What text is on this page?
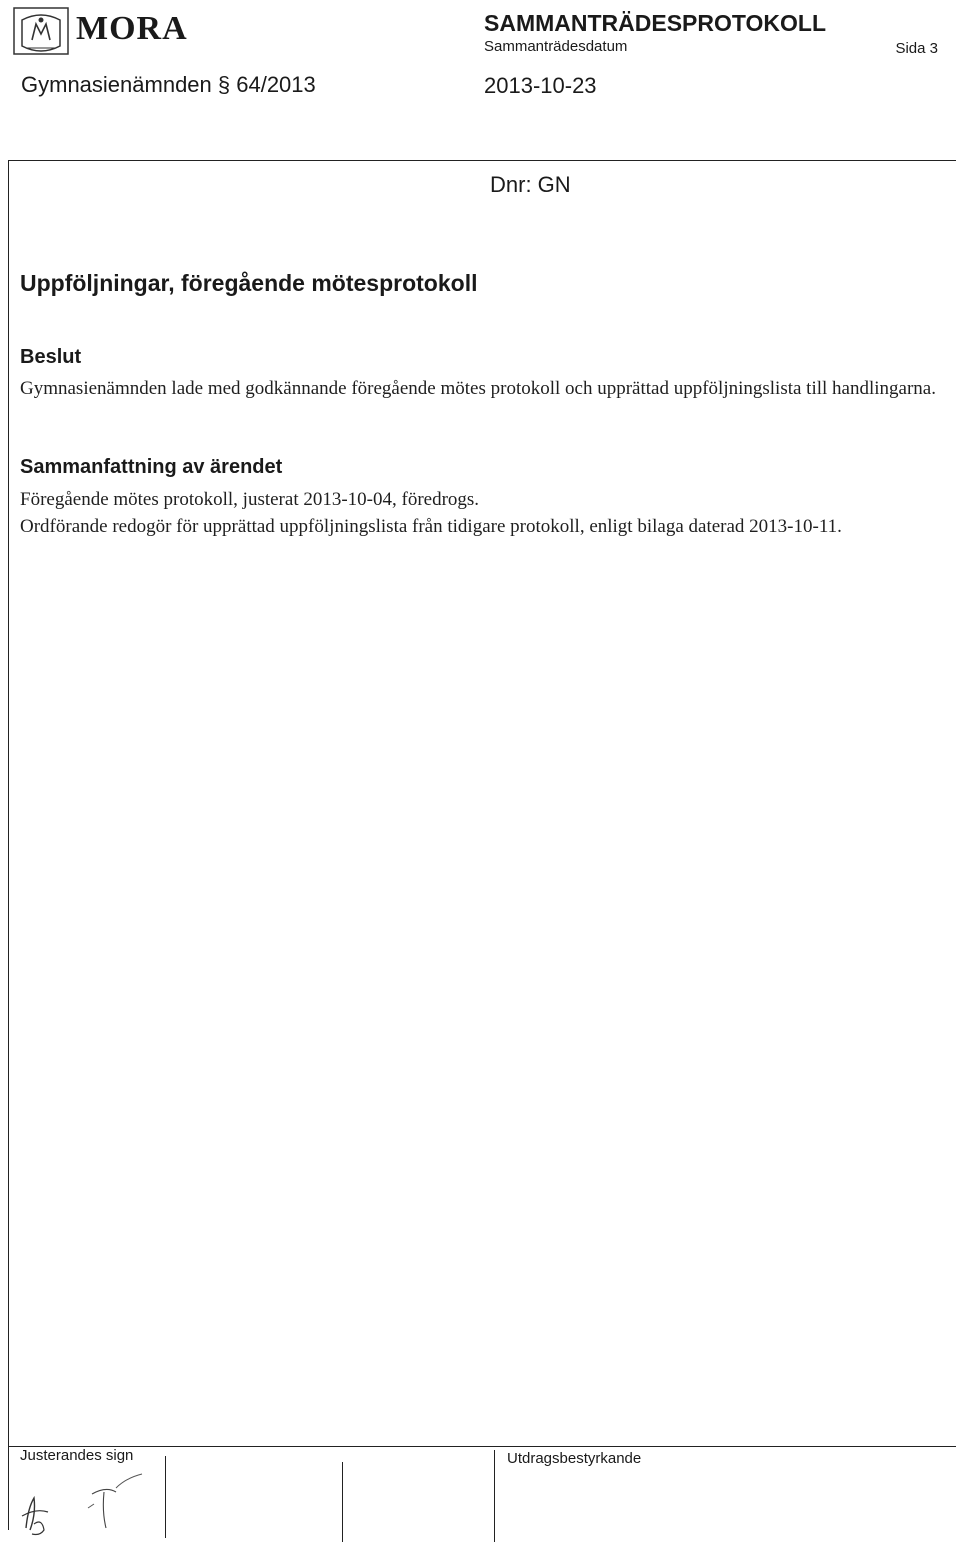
MORA	SAMMANTRÄDESPROTOKOLL
Sammanträdesdatum	Sida 3
Gymnasienämnden § 64/2013	2013-10-23
Dnr: GN
Uppföljningar, föregående mötesprotokoll
Beslut
Gymnasienämnden lade med godkännande föregående mötes protokoll och upprättad uppföljningslista till handlingarna.
Sammanfattning av ärendet
Föregående mötes protokoll, justerat 2013-10-04, föredrogs.
Ordförande redogör för upprättad uppföljningslista från tidigare protokoll, enligt bilaga daterad 2013-10-11.
Justerandes sign	Utdragsbestyrkande
